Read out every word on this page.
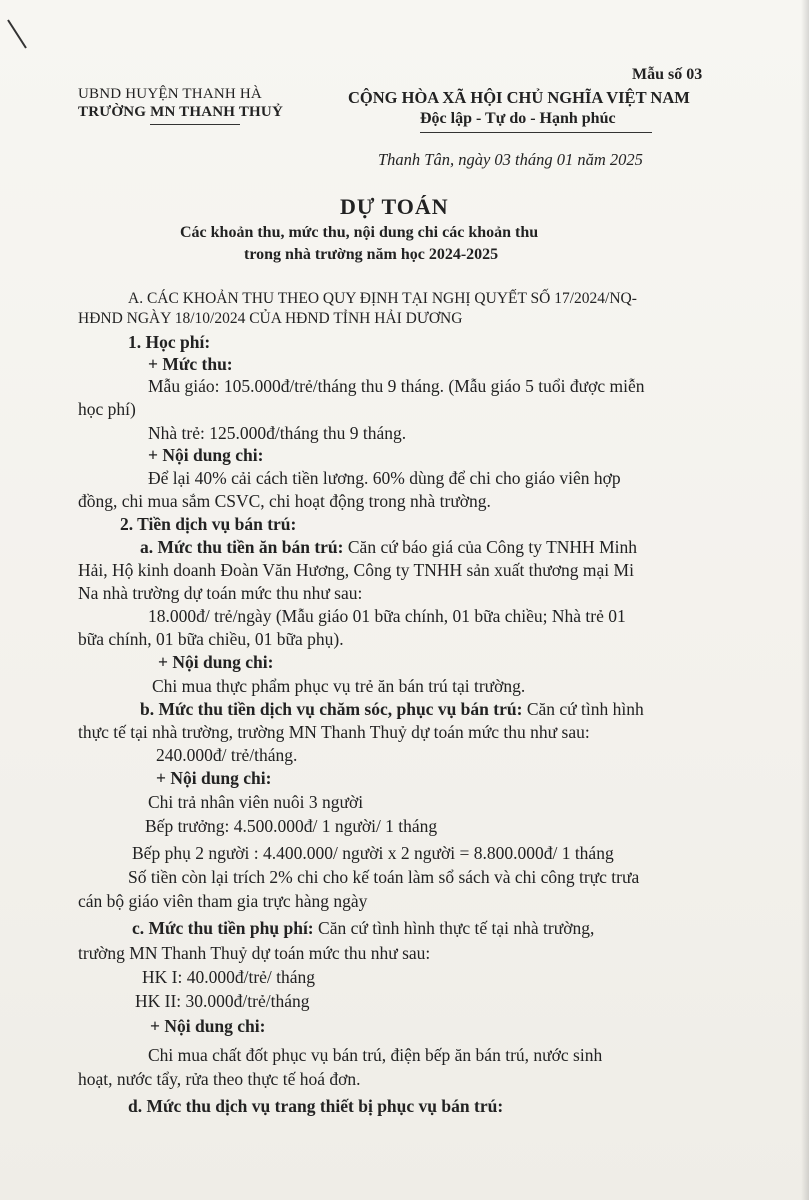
UBND HUYỆN THANH HÀ
TRƯỜNG MN THANH THUỶ
Mẫu số 03
CỘNG HÒA XÃ HỘI CHỦ NGHĨA VIỆT NAM
Độc lập - Tự do - Hạnh phúc
Thanh Tân, ngày 03 tháng 01 năm 2025
DỰ TOÁN
Các khoản thu, mức thu, nội dung chi các khoản thu
trong nhà trường năm học 2024-2025
A. CÁC KHOẢN THU THEO QUY ĐỊNH TẠI NGHỊ QUYẾT SỐ 17/2024/NQ-
HĐND NGÀY 18/10/2024 CỦA HĐND TỈNH HẢI DƯƠNG
1. Học phí:
+ Mức thu:
Mẫu giáo: 105.000đ/trẻ/tháng thu 9 tháng. (Mẫu giáo 5 tuổi được miễn
học phí)
Nhà trẻ: 125.000đ/tháng thu 9 tháng.
+ Nội dung chi:
Để lại 40% cải cách tiền lương. 60% dùng để chi cho giáo viên hợp
đồng, chi mua sắm CSVC, chi hoạt động trong nhà trường.
2. Tiền dịch vụ bán trú:
a. Mức thu tiền ăn bán trú: Căn cứ báo giá của Công ty TNHH Minh
Hải, Hộ kinh doanh Đoàn Văn Hương, Công ty TNHH sản xuất thương mại Mi
Na nhà trường dự toán mức thu như sau:
18.000đ/ trẻ/ngày (Mẫu giáo 01 bữa chính, 01 bữa chiều; Nhà trẻ 01
bữa chính, 01 bữa chiều, 01 bữa phụ).
+ Nội dung chi:
Chi mua thực phẩm phục vụ trẻ ăn bán trú tại trường.
b. Mức thu tiền dịch vụ chăm sóc, phục vụ bán trú: Căn cứ tình hình
thực tế tại nhà trường, trường MN Thanh Thuỷ dự toán mức thu như sau:
240.000đ/ trẻ/tháng.
+ Nội dung chi:
Chi trả nhân viên nuôi 3 người
Bếp trưởng: 4.500.000đ/ 1 người/ 1 tháng
Bếp phụ 2 người : 4.400.000/ người x 2 người = 8.800.000đ/ 1 tháng
Số tiền còn lại trích 2% chi cho kế toán làm sổ sách và chi công trực trưa
cán bộ giáo viên tham gia trực hàng ngày
c. Mức thu tiền phụ phí: Căn cứ tình hình thực tế tại nhà trường,
trường MN Thanh Thuỷ dự toán mức thu như sau:
HK I: 40.000đ/trẻ/ tháng
HK II: 30.000đ/trẻ/tháng
+ Nội dung chi:
Chi mua chất đốt phục vụ bán trú, điện bếp ăn bán trú, nước sinh
hoạt, nước tẩy, rửa theo thực tế hoá đơn.
d. Mức thu dịch vụ trang thiết bị phục vụ bán trú:
